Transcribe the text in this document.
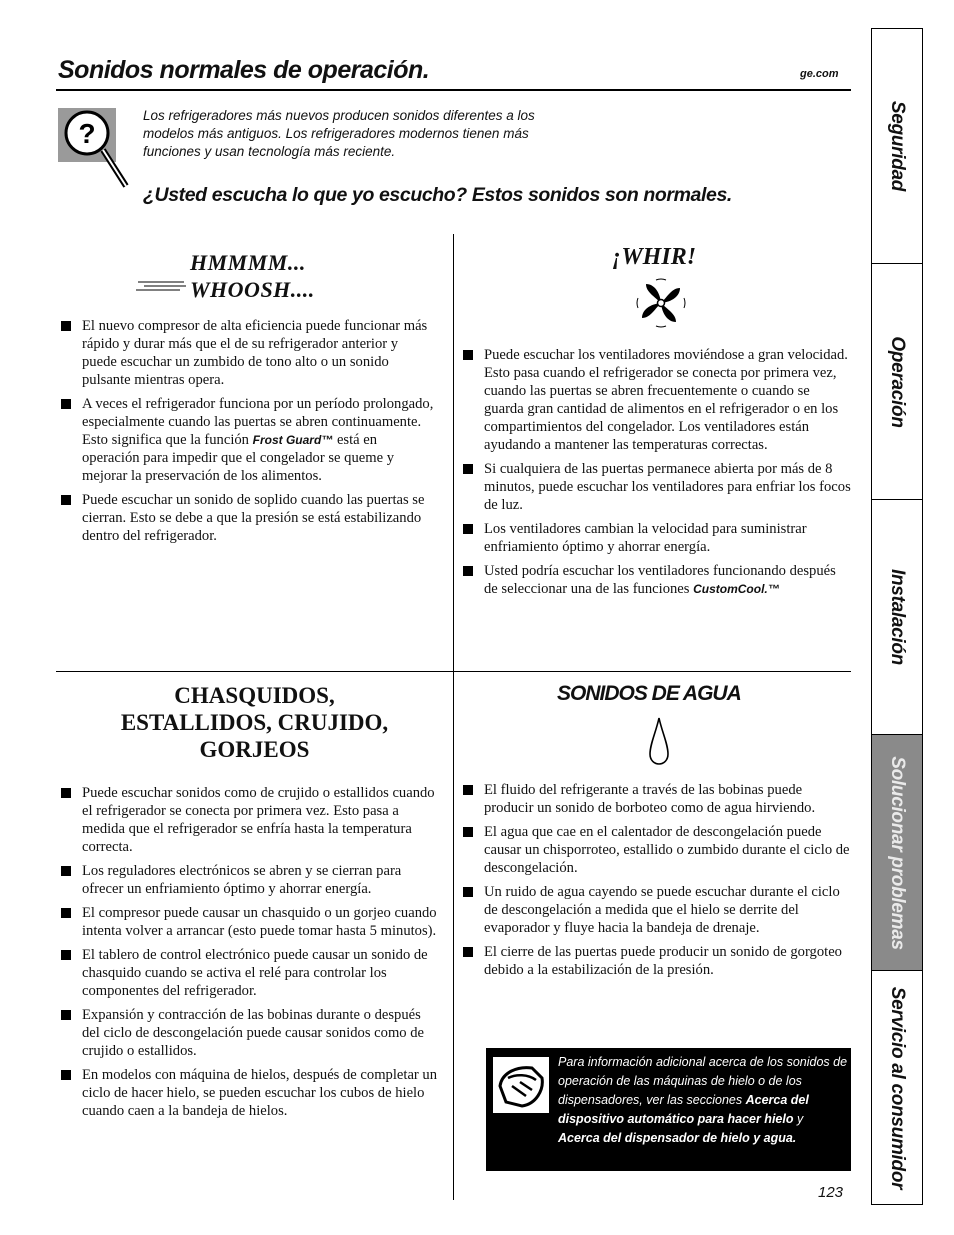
Sonidos normales de operación.	ge.com
?
Los refrigeradores más nuevos producen sonidos diferentes a los modelos más antiguos. Los refrigeradores modernos tienen más funciones y usan tecnología más reciente.
¿Usted escucha lo que yo escucho? Estos sonidos son normales.
HMMMM...
WHOOSH....
El nuevo compresor de alta eficiencia puede funcionar más rápido y durar más que el de su refrigerador anterior y puede escuchar un zumbido de tono alto o un sonido pulsante mientras opera.
A veces el refrigerador funciona por un período prolongado, especialmente cuando las puertas se abren continuamente. Esto significa que la función Frost Guard™ está en operación para impedir que el congelador se queme y mejorar la preservación de los alimentos.
Puede escuchar un sonido de soplido cuando las puertas se cierran. Esto se debe a que la presión se está estabilizando dentro del refrigerador.
¡WHIR!
Puede escuchar los ventiladores moviéndose a gran velocidad. Esto pasa cuando el refrigerador se conecta por primera vez, cuando las puertas se abren frecuentemente o cuando se guarda gran cantidad de alimentos en el refrigerador o en los compartimientos del congelador. Los ventiladores están ayudando a mantener las temperaturas correctas.
Si cualquiera de las puertas permanece abierta por más de 8 minutos, puede escuchar los ventiladores para enfriar los focos de luz.
Los ventiladores cambian la velocidad para suministrar enfriamiento óptimo y ahorrar energía.
Usted podría escuchar los ventiladores funcionando después de seleccionar una de las funciones CustomCool.™
CHASQUIDOS,
ESTALLIDOS, CRUJIDO,
GORJEOS
Puede escuchar sonidos como de crujido o estallidos cuando el refrigerador se conecta por primera vez. Esto pasa a medida que el refrigerador se enfría hasta la temperatura correcta.
Los reguladores electrónicos se abren y se cierran para ofrecer un enfriamiento óptimo y ahorrar energía.
El compresor puede causar un chasquido o un gorjeo cuando intenta volver a arrancar (esto puede tomar hasta 5 minutos).
El tablero de control electrónico puede causar un sonido de chasquido cuando se activa el relé para controlar los componentes del refrigerador.
Expansión y contracción de las bobinas durante o después del ciclo de descongelación puede causar sonidos como de crujido o estallidos.
En modelos con máquina de hielos, después de completar un ciclo de hacer hielo, se pueden escuchar los cubos de hielo cuando caen a la bandeja de hielos.
SONIDOS DE AGUA
El fluido del refrigerante a través de las bobinas puede producir un sonido de borboteo como de agua hirviendo.
El agua que cae en el calentador de descongelación puede causar un chisporroteo, estallido o zumbido durante el ciclo de descongelación.
Un ruido de agua cayendo se puede escuchar durante el ciclo de descongelación a medida que el hielo se derrite del evaporador y fluye hacia la bandeja de drenaje.
El cierre de las puertas puede producir un sonido de gorgoteo debido a la estabilización de la presión.
Para información adicional acerca de los sonidos de operación de las máquinas de hielo o de los dispensadores, ver las secciones Acerca del dispositivo automático para hacer hielo y Acerca del dispensador de hielo y agua.
123
Seguridad
Operación
Instalación
Solucionar problemas
Servicio al consumidor
